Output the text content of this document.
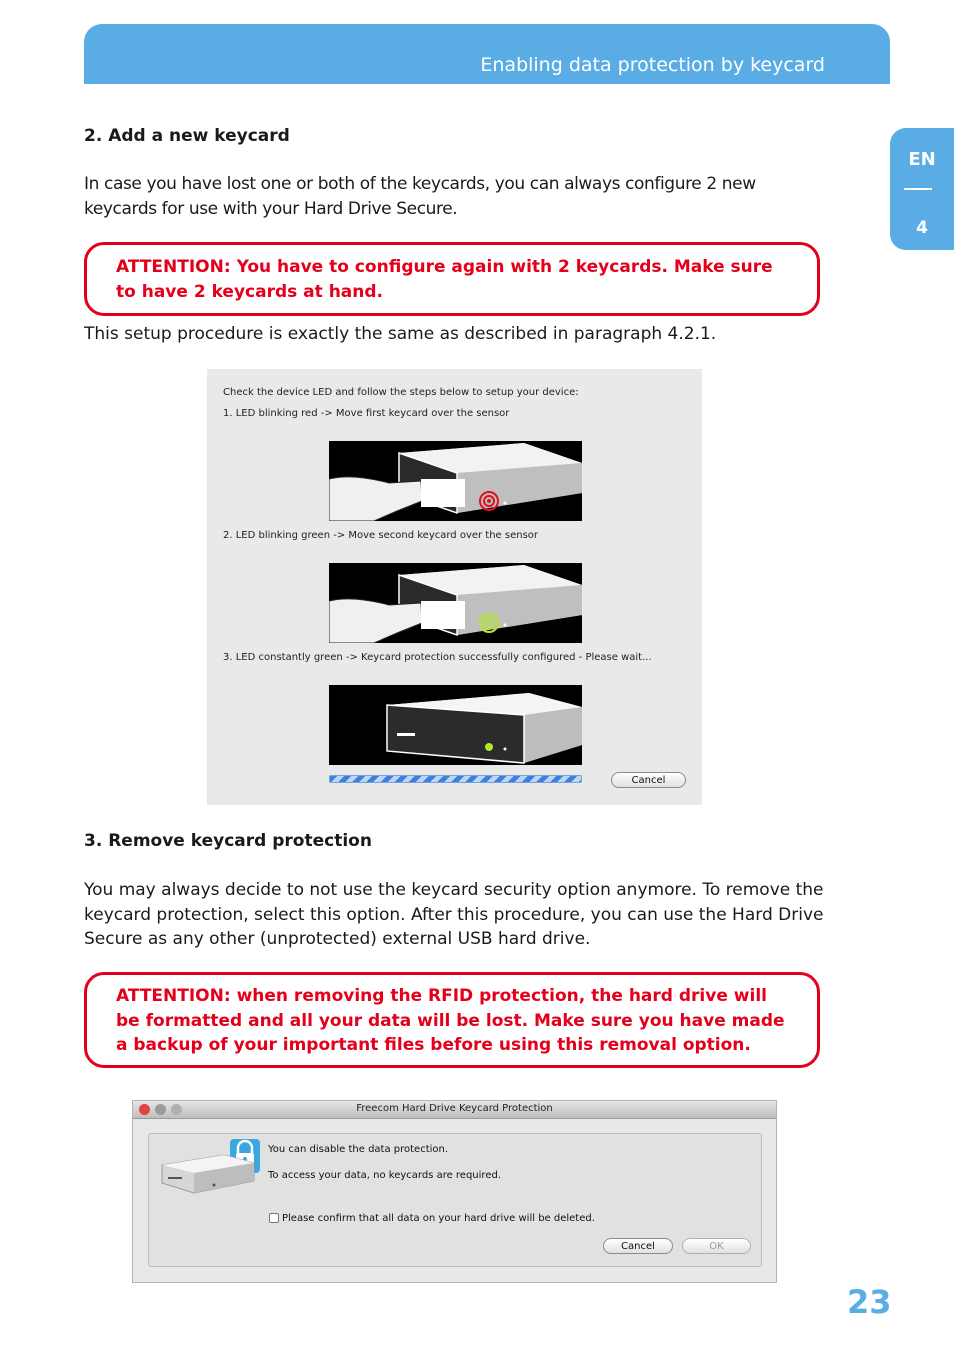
Enabling data protection by keycard
EN
4
2. Add a new keycard
In case you have lost one or both of the keycards, you can always configure 2 new keycards for use with your Hard Drive Secure.
ATTENTION: You have to configure again with 2 keycards. Make sure to have 2 keycards at hand.
This setup procedure is exactly the same as described in paragraph 4.2.1.
Check the device LED and follow the steps below to setup your device:
1. LED blinking red -> Move first keycard over the sensor
2. LED blinking green -> Move second keycard over the sensor
3. LED constantly green -> Keycard protection successfully configured - Please wait...
Cancel
3. Remove keycard protection
You may always decide to not use the keycard security option anymore. To remove the keycard protection, select this option. After this procedure, you can use the Hard Drive Secure as any other (unprotected) external USB hard drive.
ATTENTION: when removing the RFID protection, the hard drive will be formatted and all your data will be lost. Make sure you have made a backup of your important files before using this removal option.
Freecom Hard Drive Keycard Protection
You can disable the data protection.
To access your data, no keycards are required.
Please confirm that all data on your hard drive will be deleted.
Cancel	OK
23
